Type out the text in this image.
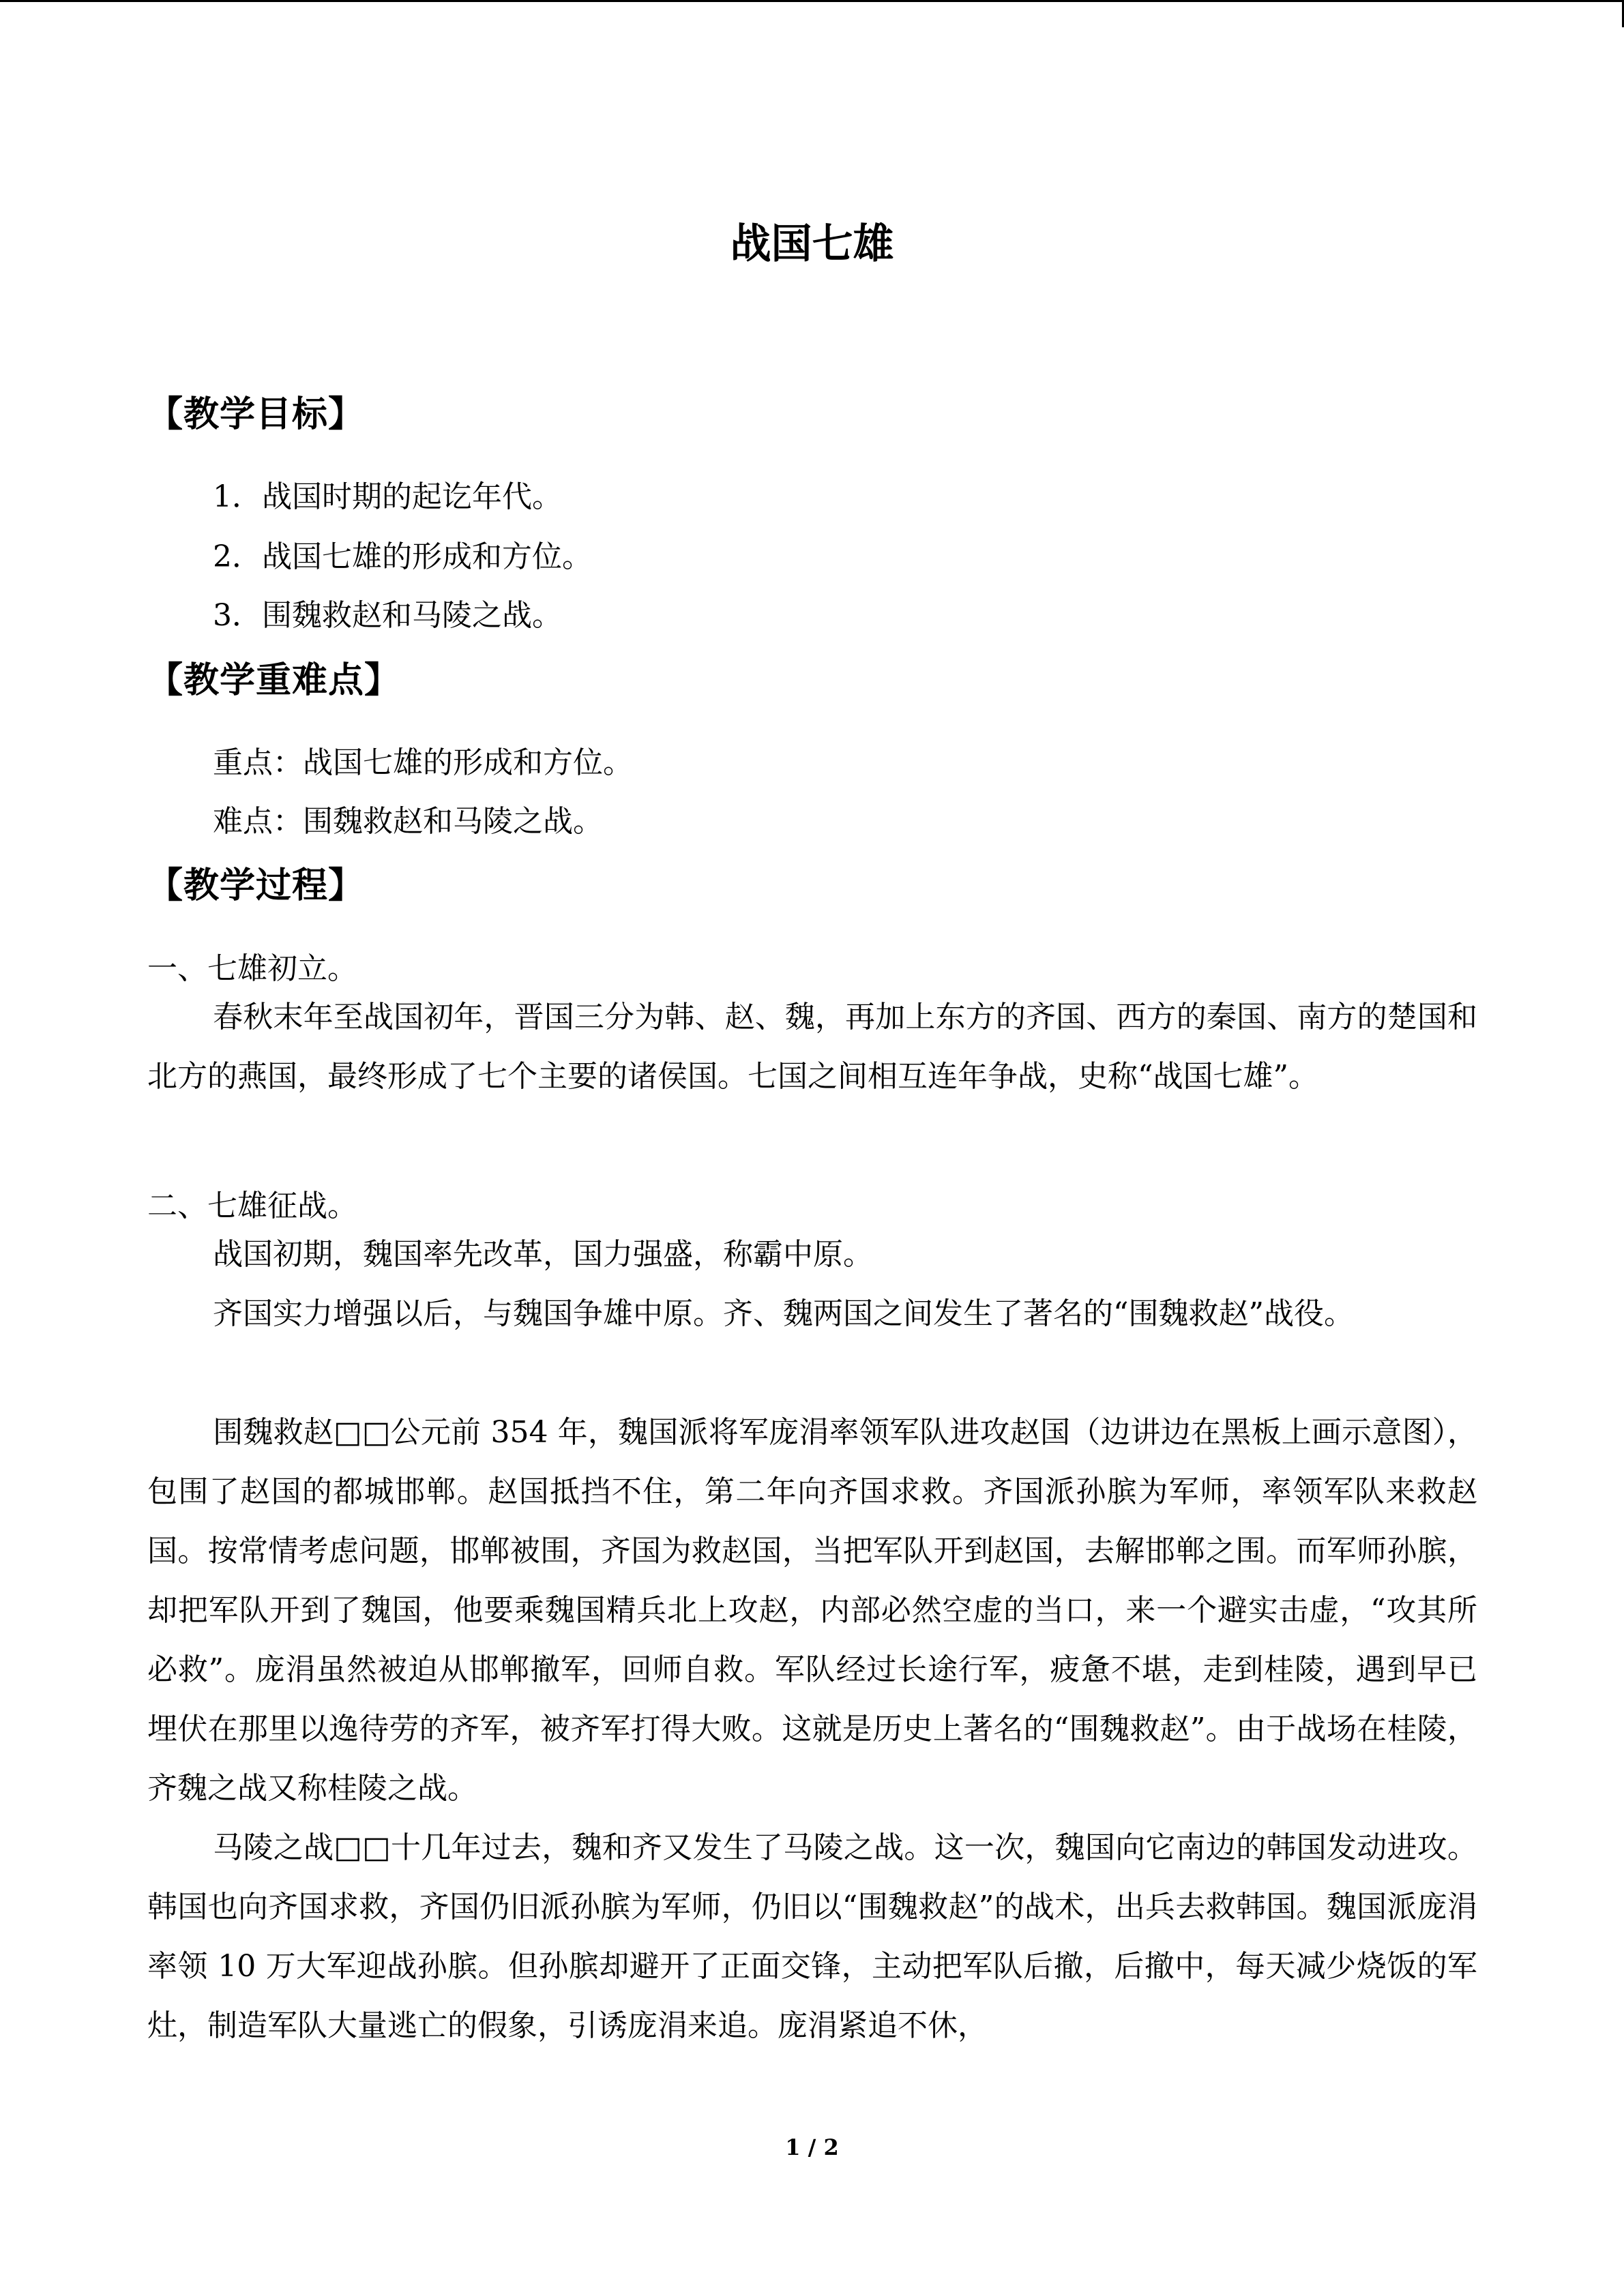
战国七雄
【教学目标】
1．战国时期的起讫年代。
2．战国七雄的形成和方位。
3．围魏救赵和马陵之战。
【教学重难点】
重点：战国七雄的形成和方位。
难点：围魏救赵和马陵之战。
【教学过程】
一、七雄初立。
春秋末年至战国初年，晋国三分为韩、赵、魏，再加上东方的齐国、西方的秦国、南方的楚国和北方的燕国，最终形成了七个主要的诸侯国。七国之间相互连年争战，史称“战国七雄”。
二、七雄征战。
战国初期，魏国率先改革，国力强盛，称霸中原。
齐国实力增强以后，与魏国争雄中原。齐、魏两国之间发生了著名的“围魏救赵”战役。
围魏救赵□□公元前 354 年，魏国派将军庞涓率领军队进攻赵国（边讲边在黑板上画示意图），包围了赵国的都城邯郸。赵国抵挡不住，第二年向齐国求救。齐国派孙膑为军师，率领军队来救赵国。按常情考虑问题，邯郸被围，齐国为救赵国，当把军队开到赵国，去解邯郸之围。而军师孙膑，却把军队开到了魏国，他要乘魏国精兵北上攻赵，内部必然空虚的当口，来一个避实击虚，“攻其所必救”。庞涓虽然被迫从邯郸撤军，回师自救。军队经过长途行军，疲惫不堪，走到桂陵，遇到早已埋伏在那里以逸待劳的齐军，被齐军打得大败。这就是历史上著名的“围魏救赵”。由于战场在桂陵，齐魏之战又称桂陵之战。
马陵之战□□十几年过去，魏和齐又发生了马陵之战。这一次，魏国向它南边的韩国发动进攻。韩国也向齐国求救，齐国仍旧派孙膑为军师，仍旧以“围魏救赵”的战术，出兵去救韩国。魏国派庞涓率领 10 万大军迎战孙膑。但孙膑却避开了正面交锋，主动把军队后撤，后撤中，每天减少烧饭的军灶，制造军队大量逃亡的假象，引诱庞涓来追。庞涓紧追不休，
1 / 2
